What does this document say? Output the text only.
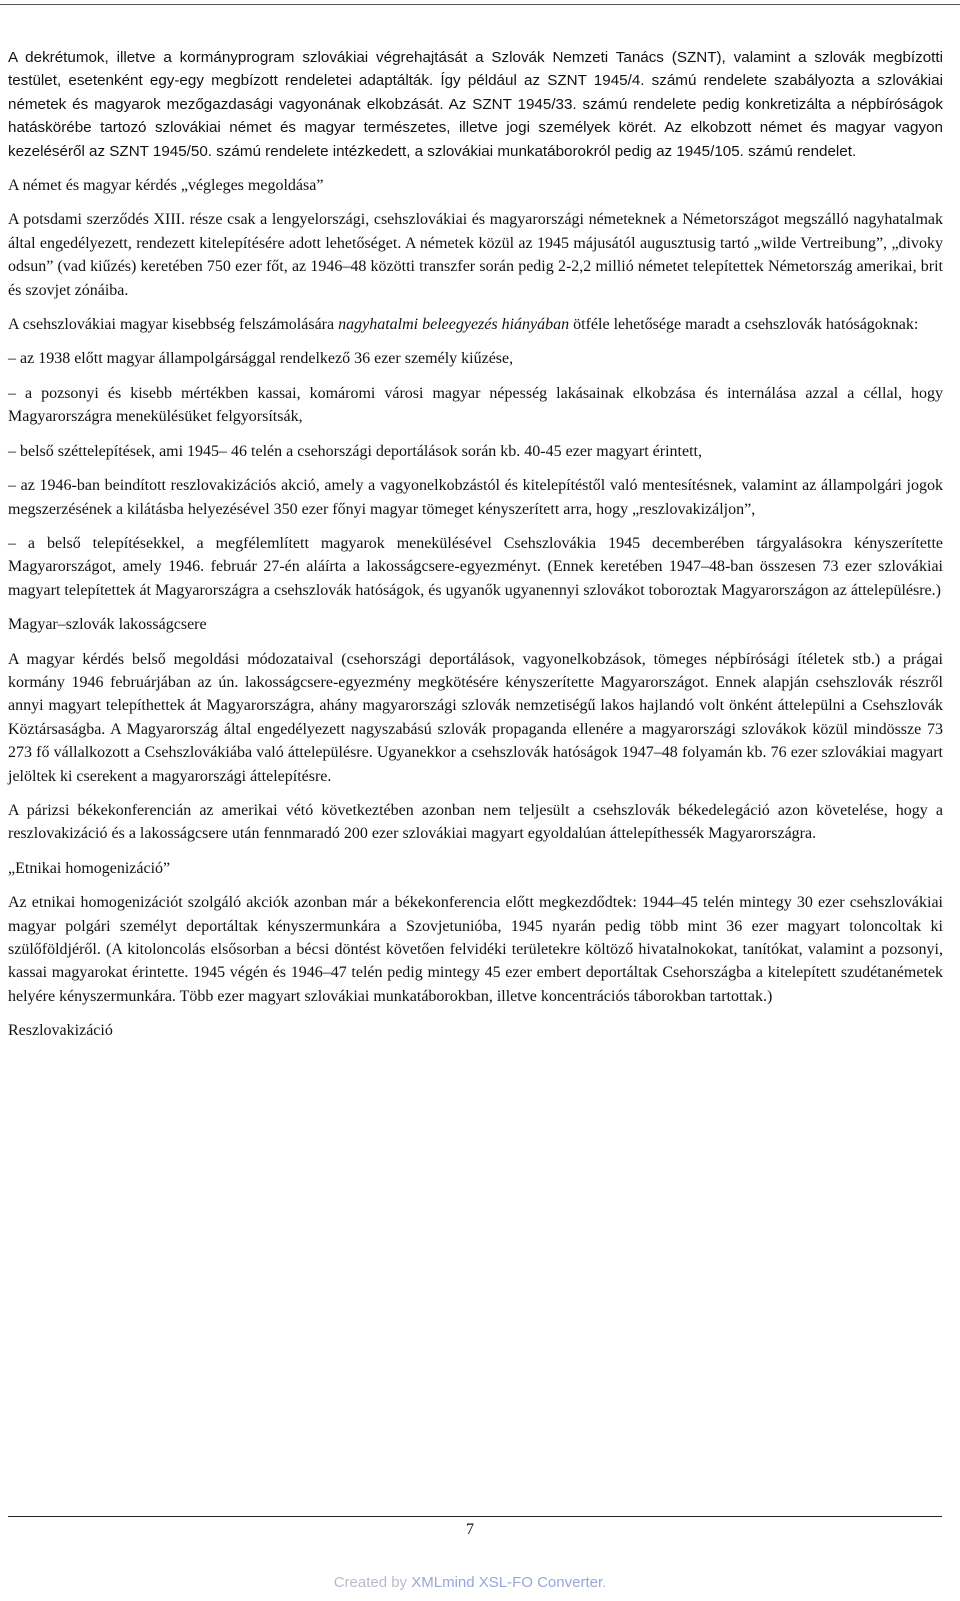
A dekrétumok, illetve a kormányprogram szlovákiai végrehajtását a Szlovák Nemzeti Tanács (SZNT), valamint a szlovák megbízotti testület, esetenként egy-egy megbízott rendeletei adaptálták. Így például az SZNT 1945/4. számú rendelete szabályozta a szlovákiai németek és magyarok mezőgazdasági vagyonának elkobzását. Az SZNT 1945/33. számú rendelete pedig konkretizálta a népbíróságok hatáskörébe tartozó szlovákiai német és magyar természetes, illetve jogi személyek körét. Az elkobzott német és magyar vagyon kezeléséről az SZNT 1945/50. számú rendelete intézkedett, a szlovákiai munkatáborokról pedig az 1945/105. számú rendelet.

A német és magyar kérdés „végleges megoldása”

A potsdami szerződés XIII. része csak a lengyelországi, csehszlovákiai és magyarországi németeknek a Németországot megszálló nagyhatalmak által engedélyezett, rendezett kitelepítésére adott lehetőséget. A németek közül az 1945 májusától augusztusig tartó „wilde Vertreibung”, „divoky odsun” (vad kiűzés) keretében 750 ezer főt, az 1946–48 közötti transzfer során pedig 2-2,2 millió németet telepítettek Németország amerikai, brit és szovjet zónáiba.

A csehszlovákiai magyar kisebbség felszámolására nagyhatalmi beleegyezés hiányában ötféle lehetősége maradt a csehszlovák hatóságoknak:

– az 1938 előtt magyar állampolgársággal rendelkező 36 ezer személy kiűzése,

– a pozsonyi és kisebb mértékben kassai, komáromi városi magyar népesség lakásainak elkobzása és internálása azzal a céllal, hogy Magyarországra menekülésüket felgyorsítsák,

– belső széttelepítések, ami 1945– 46 telén a csehországi deportálások során kb. 40-45 ezer magyart érintett,

– az 1946-ban beindított reszlovakizációs akció, amely a vagyonelkobzástól és kitelepítéstől való mentesítésnek, valamint az állampolgári jogok megszerzésének a kilátásba helyezésével 350 ezer főnyi magyar tömeget kényszerített arra, hogy „reszlovakizáljon”,

– a belső telepítésekkel, a megfélemlített magyarok menekülésével Csehszlovákia 1945 decemberében tárgyalásokra kényszerítette Magyarországot, amely 1946. február 27-én aláírta a lakosságcsere-egyezményt. (Ennek keretében 1947–48-ban összesen 73 ezer szlovákiai magyart telepítettek át Magyarországra a csehszlovák hatóságok, és ugyanők ugyanennyi szlovákot toboroztak Magyarországon az áttelepülésre.)

Magyar–szlovák lakosságcsere

A magyar kérdés belső megoldási módozataival (csehországi deportálások, vagyonelkobzások, tömeges népbírósági ítéletek stb.) a prágai kormány 1946 februárjában az ún. lakosságcsere-egyezmény megkötésére kényszerítette Magyarországot. Ennek alapján csehszlovák részről annyi magyart telepíthettek át Magyarországra, ahány magyarországi szlovák nemzetiségű lakos hajlandó volt önként áttelepülni a Csehszlovák Köztársaságba. A Magyarország által engedélyezett nagyszabású szlovák propaganda ellenére a magyarországi szlovákok közül mindössze 73 273 fő vállalkozott a Csehszlovákiába való áttelepülésre. Ugyanekkor a csehszlovák hatóságok 1947–48 folyamán kb. 76 ezer szlovákiai magyart jelöltek ki cserekent a magyarországi áttelepítésre.

A párizsi békekonferencián az amerikai vétó következtében azonban nem teljesült a csehszlovák békedelegáció azon követelése, hogy a reszlovakizáció és a lakosságcsere után fennmaradó 200 ezer szlovákiai magyart egyoldalúan áttelepíthessék Magyarországra.

„Etnikai homogenizáció”

Az etnikai homogenizációt szolgáló akciók azonban már a békekonferencia előtt megkezdődtek: 1944–45 telén mintegy 30 ezer csehszlovákiai magyar polgári személyt deportáltak kényszermunkára a Szovjetunióba, 1945 nyarán pedig több mint 36 ezer magyart toloncoltak ki szülőföldjéről. (A kitoloncolás elsősorban a bécsi döntést követően felvidéki területekre költöző hivatalnokokat, tanítókat, valamint a pozsonyi, kassai magyarokat érintette. 1945 végén és 1946–47 telén pedig mintegy 45 ezer embert deportáltak Csehországba a kitelepített szudétanémetek helyére kényszermunkára. Több ezer magyart szlovákiai munkatáborokban, illetve koncentrációs táborokban tartottak.)

Reszlovakizáció

7
Created by XMLmind XSL-FO Converter.
